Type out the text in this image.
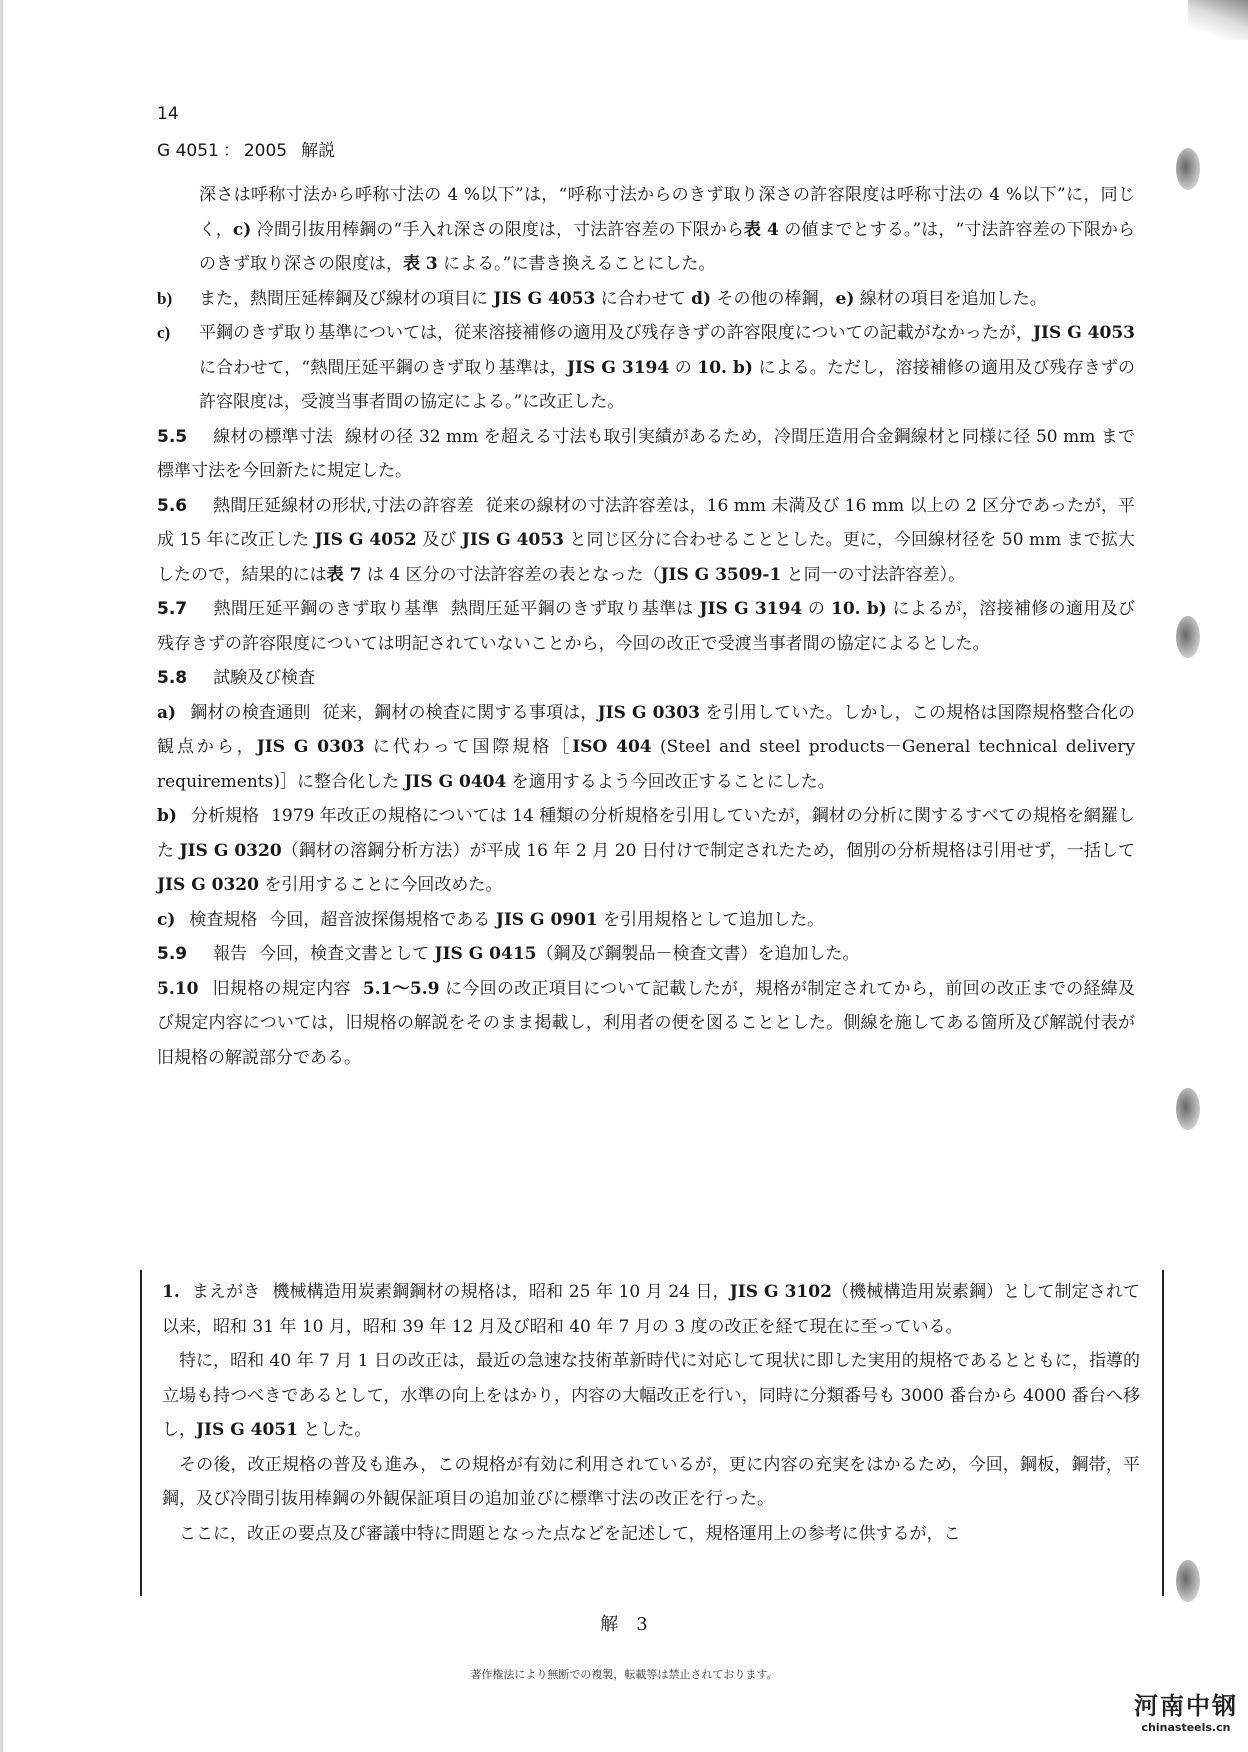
14
G 4051 ： 2005 解説

深さは呼称寸法から呼称寸法の 4 %以下”は，“呼称寸法からのきず取り深さの許容限度は呼称寸法の 4 %以下”に，同じく，c) 冷間引抜用棒鋼の“手入れ深さの限度は，寸法許容差の下限から表 4 の値までとする。”は，“寸法許容差の下限からのきず取り深さの限度は，表 3 による。”に書き換えることにした。

b)	また，熱間圧延棒鋼及び線材の項目に JIS G 4053 に合わせて d) その他の棒鋼，e) 線材の項目を追加した。
c)	平鋼のきず取り基準については，従来溶接補修の適用及び残存きずの許容限度についての記載がなかったが，JIS G 4053 に合わせて，“熱間圧延平鋼のきず取り基準は，JIS G 3194 の 10. b) による。ただし，溶接補修の適用及び残存きずの許容限度は，受渡当事者間の協定による。”に改正した。

5.5 線材の標準寸法 線材の径 32 mm を超える寸法も取引実績があるため，冷間圧造用合金鋼線材と同様に径 50 mm まで標準寸法を今回新たに規定した。

5.6 熱間圧延線材の形状,寸法の許容差 従来の線材の寸法許容差は，16 mm 未満及び 16 mm 以上の 2 区分であったが，平成 15 年に改正した JIS G 4052 及び JIS G 4053 と同じ区分に合わせることとした。更に，今回線材径を 50 mm まで拡大したので，結果的には表 7 は 4 区分の寸法許容差の表となった（JIS G 3509-1 と同一の寸法許容差）。

5.7 熱間圧延平鋼のきず取り基準 熱間圧延平鋼のきず取り基準は JIS G 3194 の 10. b) によるが，溶接補修の適用及び残存きずの許容限度については明記されていないことから，今回の改正で受渡当事者間の協定によるとした。

5.8 試験及び検査

a) 鋼材の検査通則 従来，鋼材の検査に関する事項は，JIS G 0303 を引用していた。しかし，この規格は国際規格整合化の観点から，JIS G 0303 に代わって国際規格［ISO 404 (Steel and steel products－General technical delivery requirements)］に整合化した JIS G 0404 を適用するよう今回改正することにした。

b) 分析規格 1979 年改正の規格については 14 種類の分析規格を引用していたが，鋼材の分析に関するすべての規格を網羅した JIS G 0320（鋼材の溶鋼分析方法）が平成 16 年 2 月 20 日付けで制定されたため，個別の分析規格は引用せず，一括して JIS G 0320 を引用することに今回改めた。

c) 検査規格 今回，超音波探傷規格である JIS G 0901 を引用規格として追加した。

5.9 報告 今回，検査文書として JIS G 0415（鋼及び鋼製品－検査文書）を追加した。

5.10 旧規格の規定内容 5.1～5.9 に今回の改正項目について記載したが，規格が制定されてから，前回の改正までの経緯及び規定内容については，旧規格の解説をそのまま掲載し，利用者の便を図ることとした。側線を施してある箇所及び解説付表が旧規格の解説部分である。

1. まえがき 機械構造用炭素鋼鋼材の規格は，昭和 25 年 10 月 24 日，JIS G 3102（機械構造用炭素鋼）として制定されて以来，昭和 31 年 10 月，昭和 39 年 12 月及び昭和 40 年 7 月の 3 度の改正を経て現在に至っている。

特に，昭和 40 年 7 月 1 日の改正は，最近の急速な技術革新時代に対応して現状に即した実用的規格であるとともに，指導的立場も持つべきであるとして，水準の向上をはかり，内容の大幅改正を行い，同時に分類番号も 3000 番台から 4000 番台へ移し，JIS G 4051 とした。

その後，改正規格の普及も進み，この規格が有効に利用されているが，更に内容の充実をはかるため，今回，鋼板，鋼帯，平鋼，及び冷間引抜用棒鋼の外観保証項目の追加並びに標準寸法の改正を行った。

ここに，改正の要点及び審議中特に問題となった点などを記述して，規格運用上の参考に供するが，こ

解　3
著作権法により無断での複製，転載等は禁止されております。
河南中钢
chinasteels.cn
